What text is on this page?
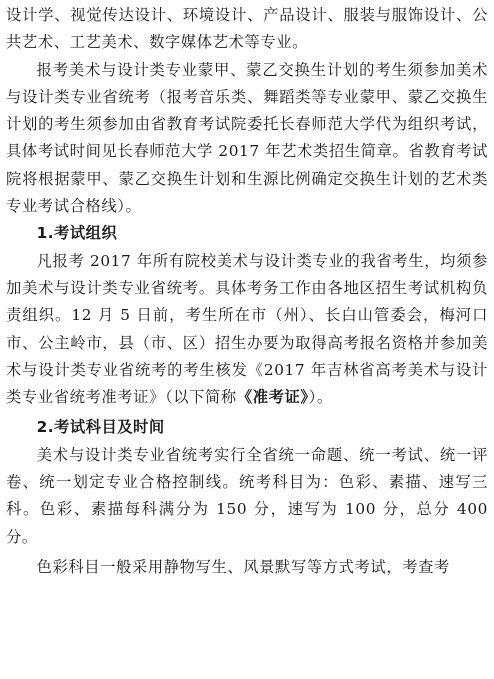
设计学、视觉传达设计、环境设计、产品设计、服装与服饰设计、公共艺术、工艺美术、数字媒体艺术等专业。

报考美术与设计类专业蒙甲、蒙乙交换生计划的考生须参加美术与设计类专业省统考（报考音乐类、舞蹈类等专业蒙甲、蒙乙交换生计划的考生须参加由省教育考试院委托长春师范大学代为组织考试，具体考试时间见长春师范大学 2017 年艺术类招生简章。省教育考试院将根据蒙甲、蒙乙交换生计划和生源比例确定交换生计划的艺术类专业考试合格线）。

1.考试组织

凡报考 2017 年所有院校美术与设计类专业的我省考生，均须参加美术与设计类专业省统考。具体考务工作由各地区招生考试机构负责组织。12 月 5 日前，考生所在市（州）、长白山管委会，梅河口市、公主岭市，县（市、区）招生办要为取得高考报名资格并参加美术与设计类专业省统考的考生核发《2017 年吉林省高考美术与设计类专业省统考准考证》（以下简称《准考证》）。

2.考试科目及时间

美术与设计类专业省统考实行全省统一命题、统一考试、统一评卷、统一划定专业合格控制线。统考科目为：色彩、素描、速写三科。色彩、素描每科满分为 150 分，速写为 100 分，总分 400 分。

色彩科目一般采用静物写生、风景默写等方式考试，考查考
